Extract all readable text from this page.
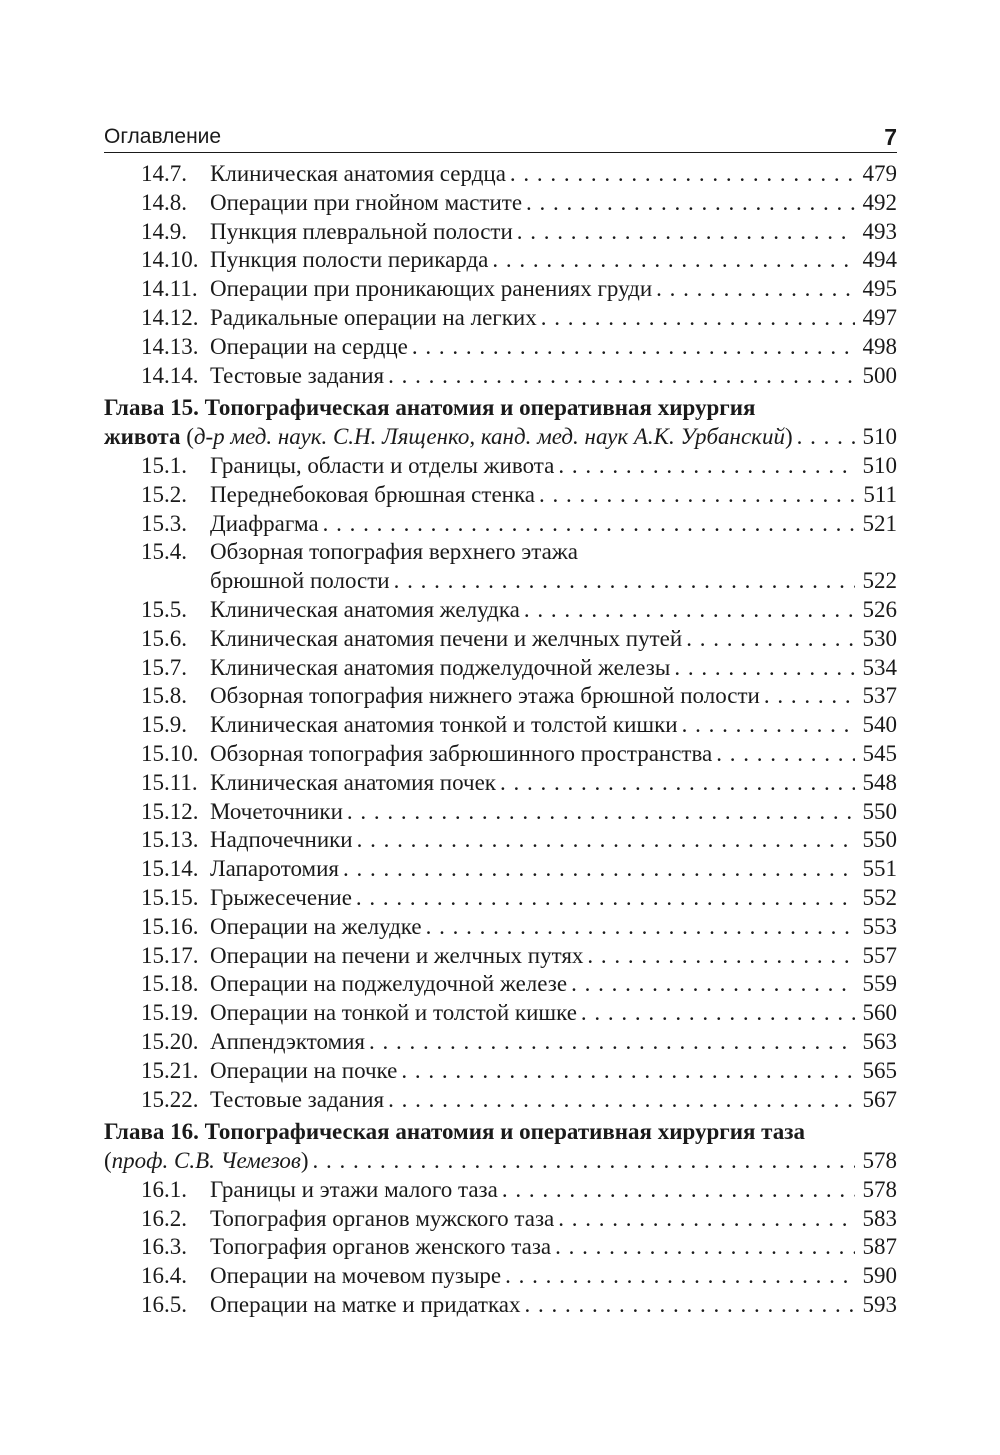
Оглавление	7
14.7.	Клиническая анатомия сердца . . .	479
14.8.	Операции при гнойном мастите . . .	492
14.9.	Пункция плевральной полости . . .	493
14.10. Пункция полости перикарда . . .	494
14.11. Операции при проникающих ранениях груди . . .	495
14.12. Радикальные операции на легких . . .	497
14.13. Операции на сердце . . .	498
14.14. Тестовые задания . . .	500
Глава 15. Топографическая анатомия и оперативная хирургия
живота (д-р мед. наук. С.Н. Лященко, канд. мед. наук А.К. Урбанский) . . .	510
15.1.	Границы, области и отделы живота . . .	510
15.2.	Переднебоковая брюшная стенка . . .	511
15.3.	Диафрагма . . .	521
15.4.	Обзорная топография верхнего этажа
брюшной полости . . .	522
15.5.	Клиническая анатомия желудка . . .	526
15.6.	Клиническая анатомия печени и желчных путей . . .	530
15.7.	Клиническая анатомия поджелудочной железы . . .	534
15.8.	Обзорная топография нижнего этажа брюшной полости . . .	537
15.9.	Клиническая анатомия тонкой и толстой кишки . . .	540
15.10. Обзорная топография забрюшинного пространства . . .	545
15.11. Клиническая анатомия почек . . .	548
15.12. Мочеточники . . .	550
15.13. Надпочечники . . .	550
15.14. Лапаротомия . . .	551
15.15. Грыжесечение . . .	552
15.16. Операции на желудке . . .	553
15.17. Операции на печени и желчных путях . . .	557
15.18. Операции на поджелудочной железе . . .	559
15.19. Операции на тонкой и толстой кишке . . .	560
15.20. Аппендэктомия . . .	563
15.21. Операции на почке . . .	565
15.22. Тестовые задания . . .	567
Глава 16. Топографическая анатомия и оперативная хирургия таза
(проф. С.В. Чемезов) . . .	578
16.1.	Границы и этажи малого таза . . .	578
16.2.	Топография органов мужского таза . . .	583
16.3.	Топография органов женского таза . . .	587
16.4.	Операции на мочевом пузыре . . .	590
16.5.	Операции на матке и придатках . . .	593
